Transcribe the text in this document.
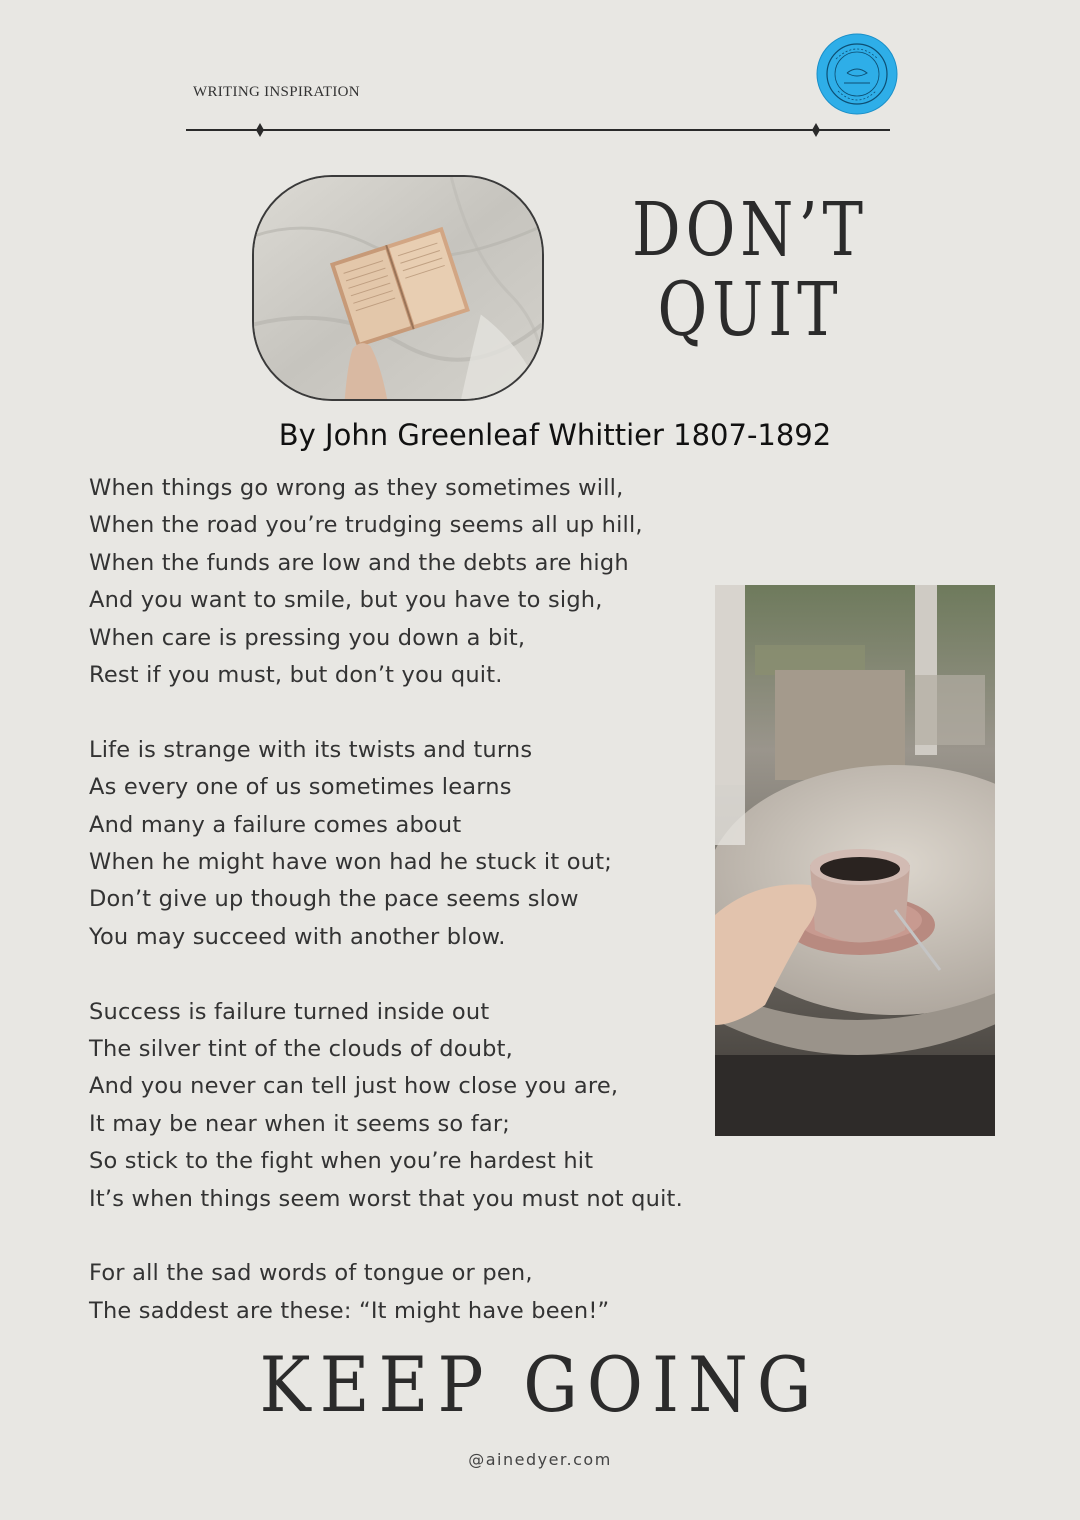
WRITING INSPIRATION
DON’T
QUIT
By John Greenleaf Whittier 1807-1892
When things go wrong as they sometimes will,
When the road you’re trudging seems all up hill,
When the funds are low and the debts are high
And you want to smile, but you have to sigh,
When care is pressing you down a bit,
Rest if you must, but don’t you quit.
Life is strange with its twists and turns
As every one of us sometimes learns
And many a failure comes about
When he might have won had he stuck it out;
Don’t give up though the pace seems slow
You may succeed with another blow.
Success is failure turned inside out
The silver tint of the clouds of doubt,
And you never can tell just how close you are,
It may be near when it seems so far;
So stick to the fight when you’re hardest hit
It’s when things seem worst that you must not quit.
For all the sad words of tongue or pen,
The saddest are these: “It might have been!”
KEEP GOING
@ainedyer.com
